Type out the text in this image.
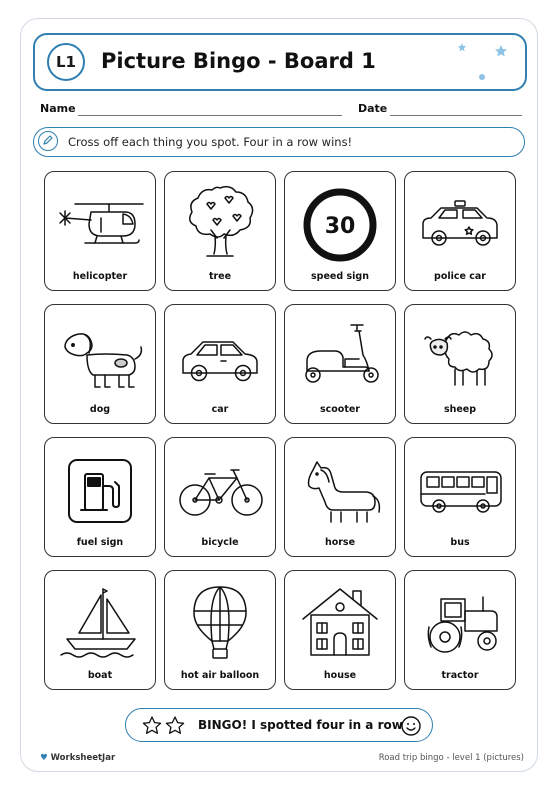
L1	Picture Bingo - Board 1
Name	Date
Cross off each thing you spot. Four in a row wins!
helicopter	tree
30
speed sign	police car
dog	car	scooter	sheep
fuel sign	bicycle	horse	bus
boat	hot air balloon	house	tractor
BINGO! I spotted four in a row
♥ WorksheetJar	Road trip bingo - level 1 (pictures)
